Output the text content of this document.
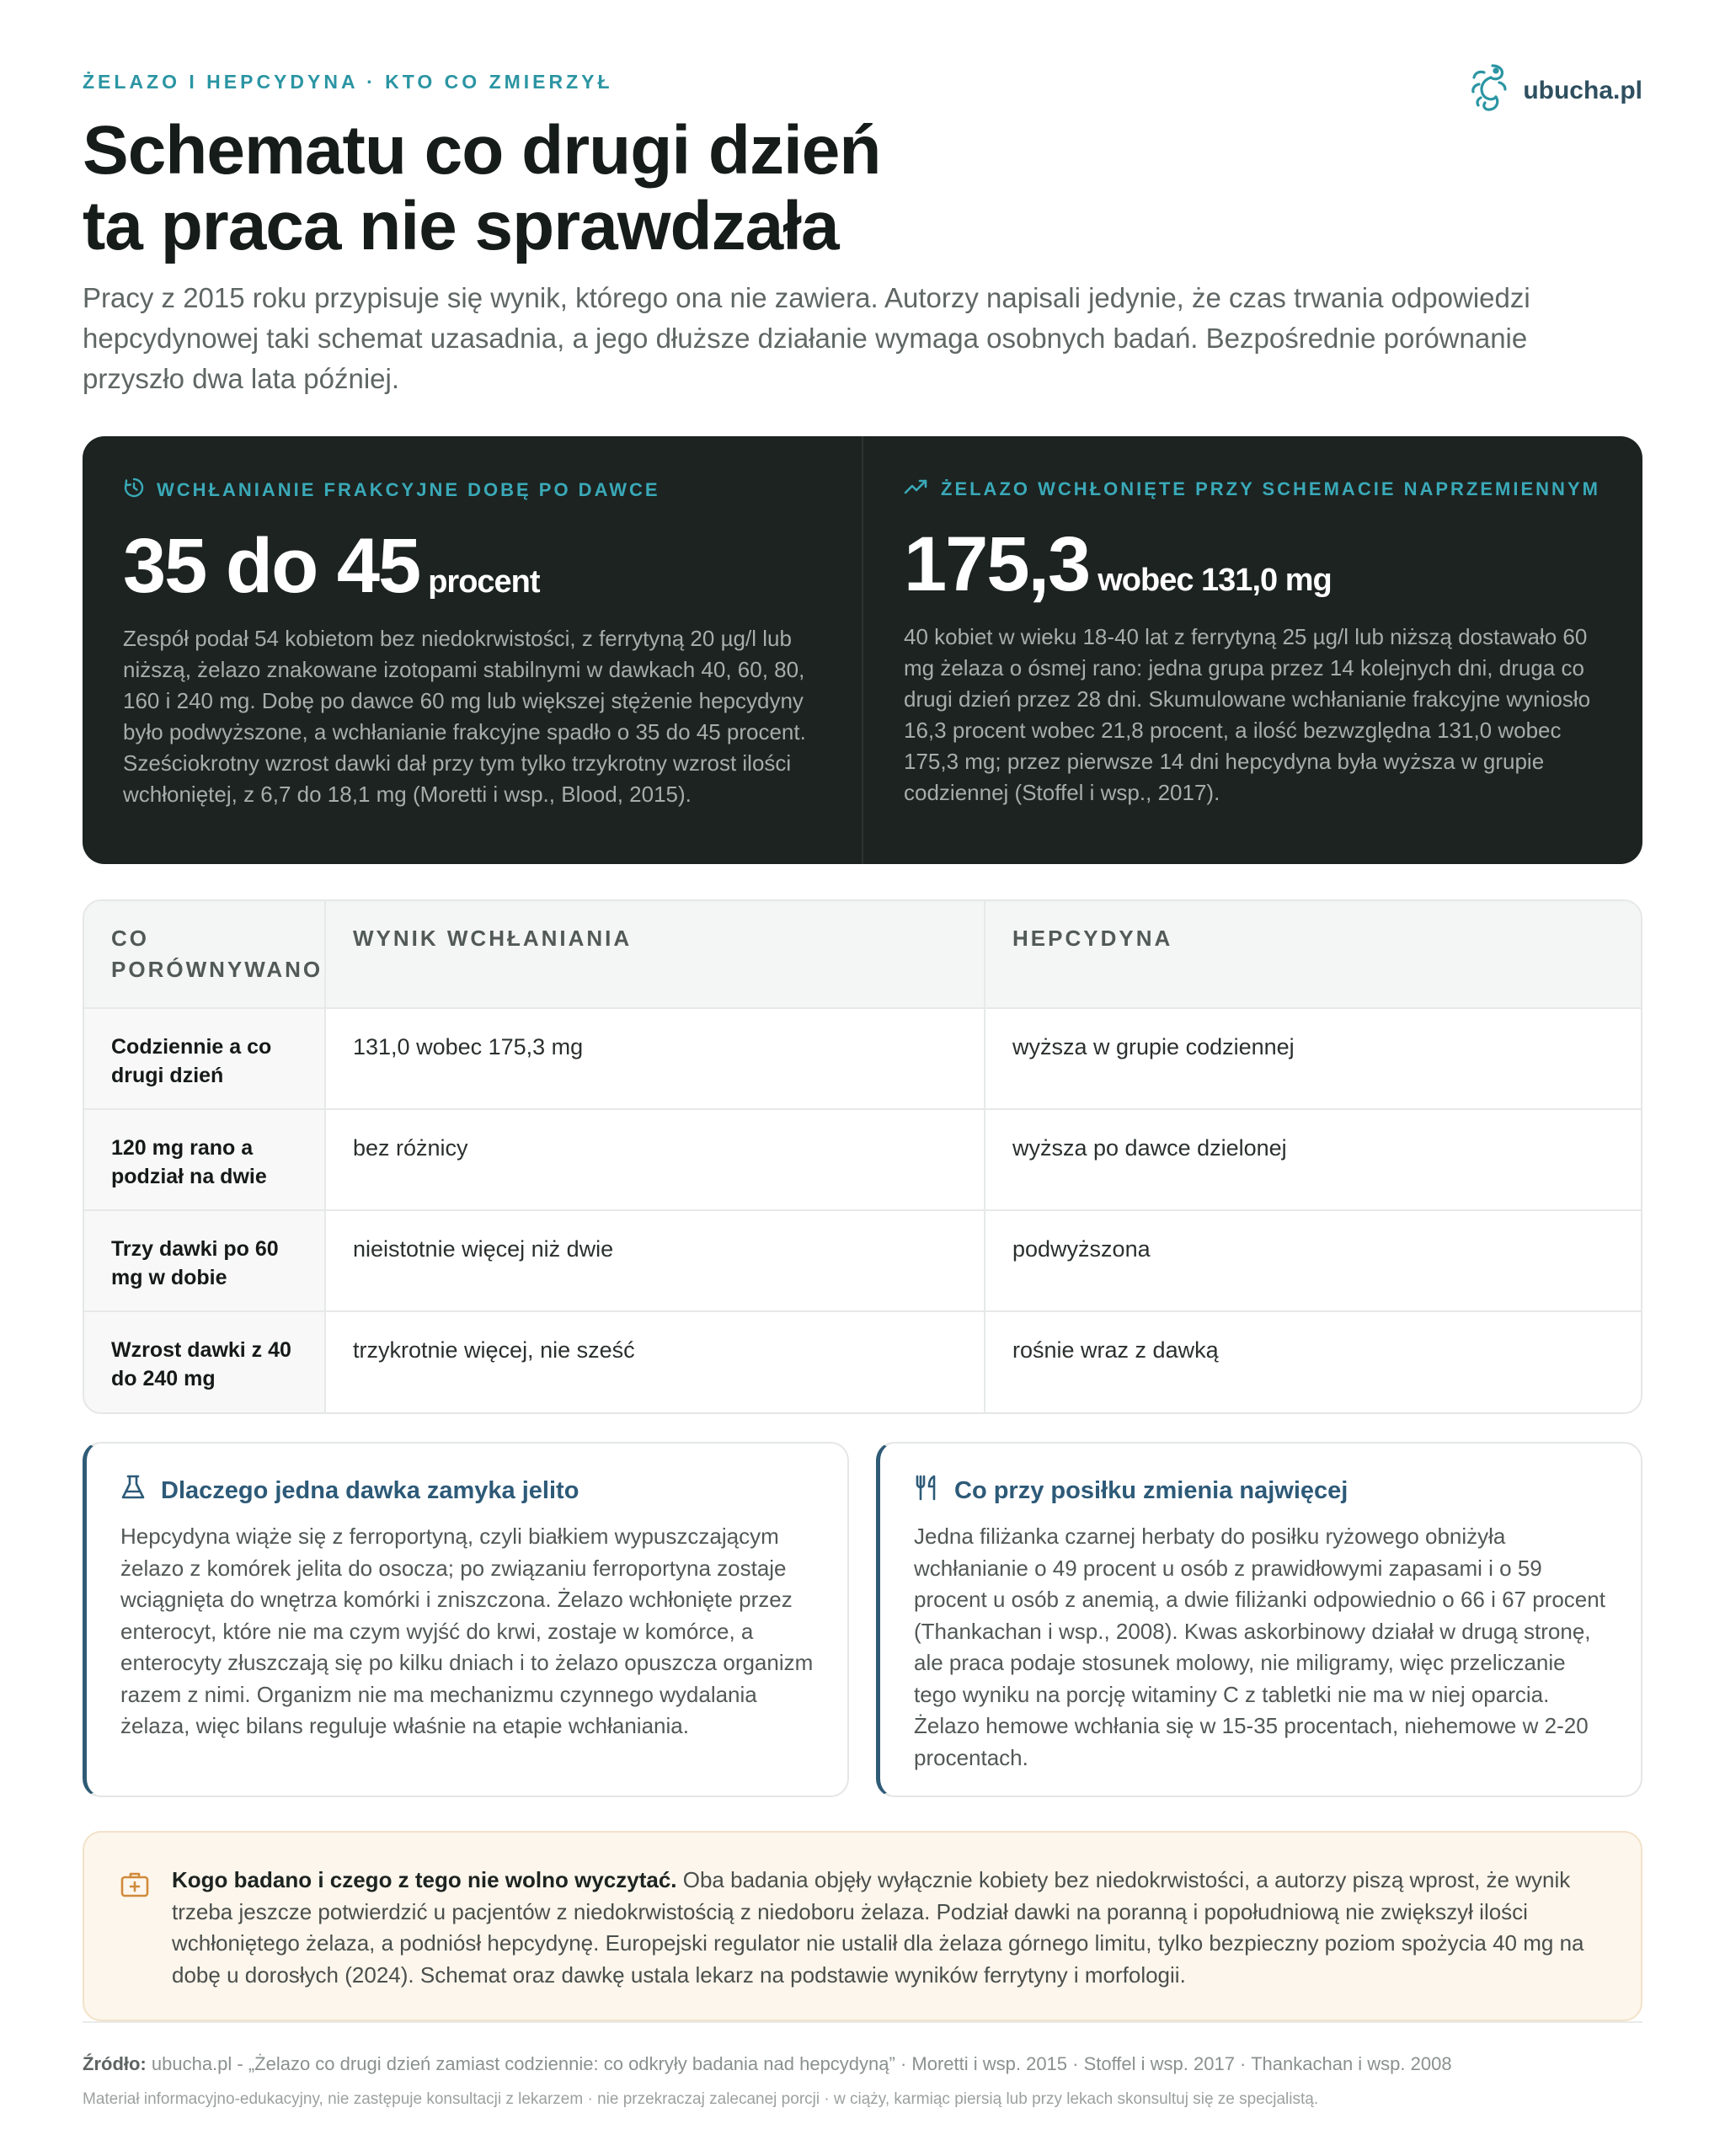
ŻELAZO I HEPCYDYNA · KTO CO ZMIERZYŁ	ubucha.pl
Schematu co drugi dzień
ta praca nie sprawdzała

Pracy z 2015 roku przypisuje się wynik, którego ona nie zawiera. Autorzy napisali jedynie, że czas trwania odpowiedzi hepcydynowej taki schemat uzasadnia, a jego dłuższe działanie wymaga osobnych badań. Bezpośrednie porównanie przyszło dwa lata później.

WCHŁANIANIE FRAKCYJNE DOBĘ PO DAWCE
35 do 45 procent

Zespół podał 54 kobietom bez niedokrwistości, z ferrytyną 20 µg/l lub niższą, żelazo znakowane izotopami stabilnymi w dawkach 40, 60, 80, 160 i 240 mg. Dobę po dawce 60 mg lub większej stężenie hepcydyny było podwyższone, a wchłanianie frakcyjne spadło o 35 do 45 procent. Sześciokrotny wzrost dawki dał przy tym tylko trzykrotny wzrost ilości wchłoniętej, z 6,7 do 18,1 mg (Moretti i wsp., Blood, 2015).

ŻELAZO WCHŁONIĘTE PRZY SCHEMACIE NAPRZEMIENNYM
175,3 wobec 131,0 mg

40 kobiet w wieku 18-40 lat z ferrytyną 25 µg/l lub niższą dostawało 60 mg żelaza o ósmej rano: jedna grupa przez 14 kolejnych dni, druga co drugi dzień przez 28 dni. Skumulowane wchłanianie frakcyjne wyniosło 16,3 procent wobec 21,8 procent, a ilość bezwzględna 131,0 wobec 175,3 mg; przez pierwsze 14 dni hepcydyna była wyższa w grupie codziennej (Stoffel i wsp., 2017).

CO PORÓWNYWANO	WYNIK WCHŁANIANIA	HEPCYDYNA
Codziennie a co drugi dzień	131,0 wobec 175,3 mg	wyższa w grupie codziennej
120 mg rano a podział na dwie	bez różnicy	wyższa po dawce dzielonej
Trzy dawki po 60 mg w dobie	nieistotnie więcej niż dwie	podwyższona
Wzrost dawki z 40 do 240 mg	trzykrotnie więcej, nie sześć	rośnie wraz z dawką
Dlaczego jedna dawka zamyka jelito

Hepcydyna wiąże się z ferroportyną, czyli białkiem wypuszczającym żelazo z komórek jelita do osocza; po związaniu ferroportyna zostaje wciągnięta do wnętrza komórki i zniszczona. Żelazo wchłonięte przez enterocyt, które nie ma czym wyjść do krwi, zostaje w komórce, a enterocyty złuszczają się po kilku dniach i to żelazo opuszcza organizm razem z nimi. Organizm nie ma mechanizmu czynnego wydalania żelaza, więc bilans reguluje właśnie na etapie wchłaniania.

Co przy posiłku zmienia najwięcej

Jedna filiżanka czarnej herbaty do posiłku ryżowego obniżyła wchłanianie o 49 procent u osób z prawidłowymi zapasami i o 59 procent u osób z anemią, a dwie filiżanki odpowiednio o 66 i 67 procent (Thankachan i wsp., 2008). Kwas askorbinowy działał w drugą stronę, ale praca podaje stosunek molowy, nie miligramy, więc przeliczanie tego wyniku na porcję witaminy C z tabletki nie ma w niej oparcia. Żelazo hemowe wchłania się w 15-35 procentach, niehemowe w 2-20 procentach.

Kogo badano i czego z tego nie wolno wyczytać. Oba badania objęły wyłącznie kobiety bez niedokrwistości, a autorzy piszą wprost, że wynik trzeba jeszcze potwierdzić u pacjentów z niedokrwistością z niedoboru żelaza. Podział dawki na poranną i popołudniową nie zwiększył ilości wchłoniętego żelaza, a podniósł hepcydynę. Europejski regulator nie ustalił dla żelaza górnego limitu, tylko bezpieczny poziom spożycia 40 mg na dobę u dorosłych (2024). Schemat oraz dawkę ustala lekarz na podstawie wyników ferrytyny i morfologii.

Źródło: ubucha.pl - „Żelazo co drugi dzień zamiast codziennie: co odkryły badania nad hepcydyną” · Moretti i wsp. 2015 · Stoffel i wsp. 2017 · Thankachan i wsp. 2008

Materiał informacyjno-edukacyjny, nie zastępuje konsultacji z lekarzem · nie przekraczaj zalecanej porcji · w ciąży, karmiąc piersią lub przy lekach skonsultuj się ze specjalistą.
